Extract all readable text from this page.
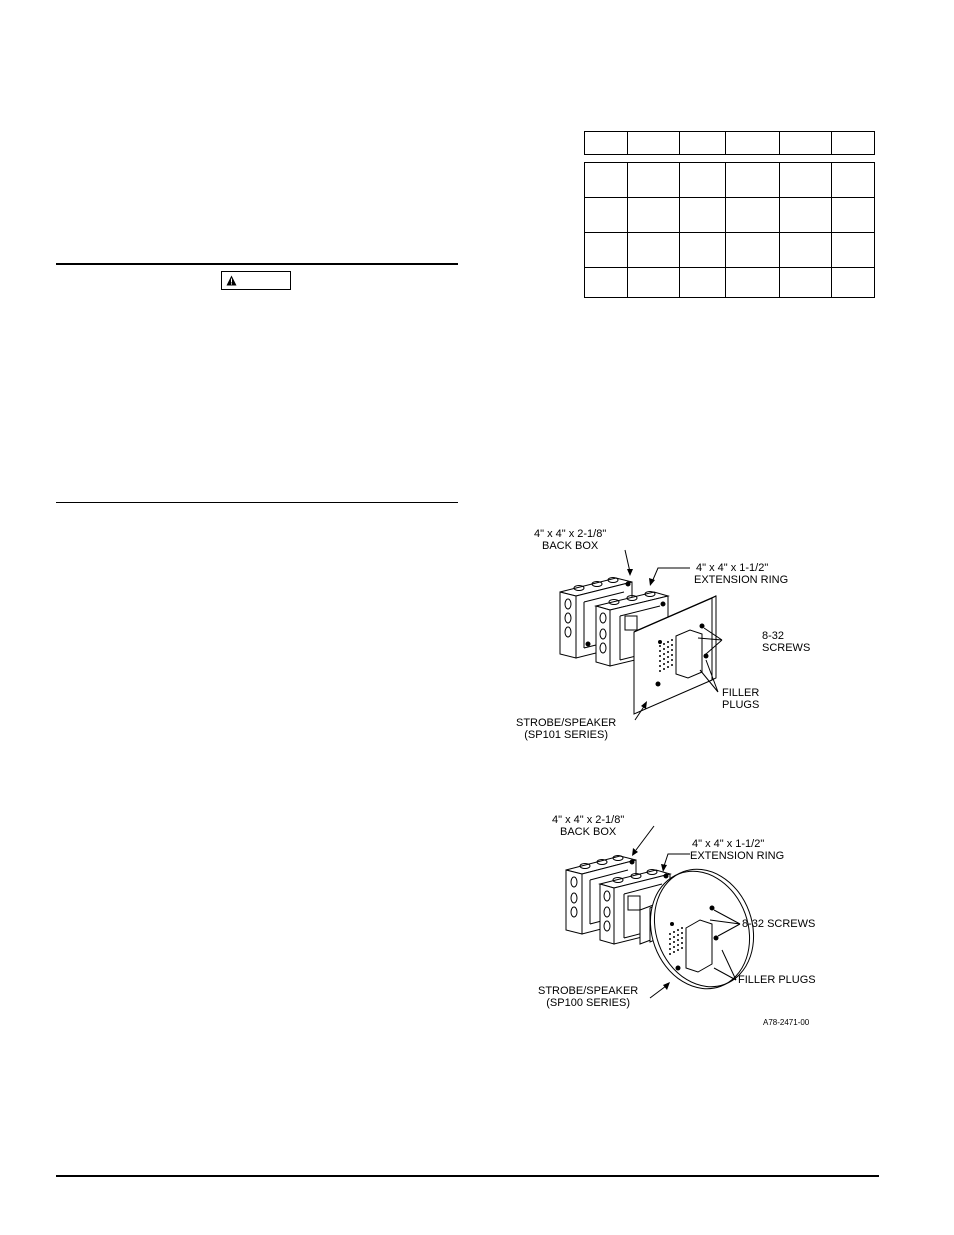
4" x 4" x 2-1/8"
BACK BOX
4" x 4" x 1-1/2"
EXTENSION RING
8-32
SCREWS
FILLER
PLUGS
STROBE/SPEAKER
(SP101 SERIES)
4" x 4" x 2-1/8"
BACK BOX
4" x 4" x 1-1/2"
EXTENSION RING
8-32 SCREWS
FILLER PLUGS
STROBE/SPEAKER
(SP100 SERIES)
A78-2471-00
